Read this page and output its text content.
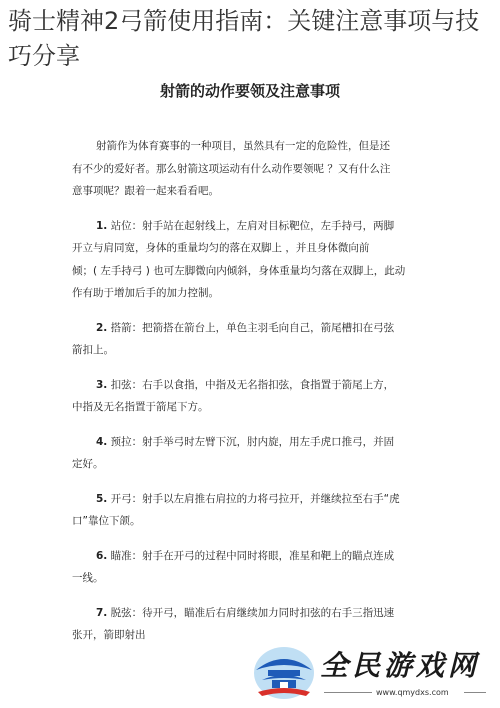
骑士精神2弓箭使用指南：关键注意事项与技巧分享
射箭的动作要领及注意事项

射箭作为体育赛事的一种项目，虽然具有一定的危险性，但是还

有不少的爱好者。那么射箭这项运动有什么动作要领呢 ？又有什么注

意事项呢？跟着一起来看看吧。

1. 站位：射手站在起射线上，左肩对目标靶位，左手持弓，两脚

开立与肩同宽，身体的重量均匀的落在双脚上 ，并且身体微向前

倾；( 左手持弓 ) 也可左脚微向内倾斜，身体重量均匀落在双脚上，此动

作有助于增加后手的加力控制。

2. 搭箭：把箭搭在箭台上，单色主羽毛向自己，箭尾槽扣在弓弦

箭扣上。

3. 扣弦：右手以食指，中指及无名指扣弦，食指置于箭尾上方，

中指及无名指置于箭尾下方。

4. 预拉：射手举弓时左臂下沉，肘内旋，用左手虎口推弓，并固

定好。

5. 开弓：射手以左肩推右肩拉的力将弓拉开，并继续拉至右手“虎

口”靠位下颌。

6. 瞄准：射手在开弓的过程中同时将眼，准星和靶上的瞄点连成

一线。

7. 脱弦：待开弓，瞄准后右肩继续加力同时扣弦的右手三指迅速

张开，箭即射出

全民游戏网
www.qmydxs.com
